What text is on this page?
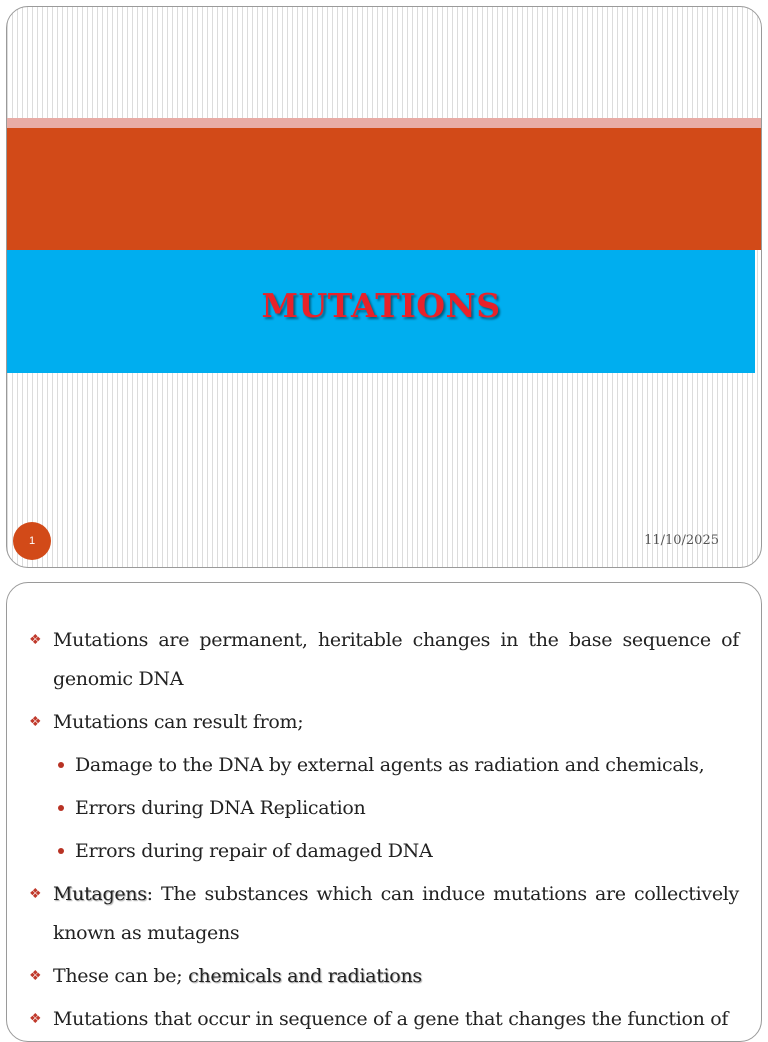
MUTATIONS
1	11/10/2025
❖ Mutations are permanent, heritable changes in the base sequence of genomic DNA
❖ Mutations can result from;
Damage to the DNA by external agents as radiation and chemicals,
Errors during DNA Replication
Errors during repair of damaged DNA
❖ Mutagens: The substances which can induce mutations are collectively known as mutagens
❖ These can be; chemicals and radiations
❖ Mutations that occur in sequence of a gene that changes the function of
